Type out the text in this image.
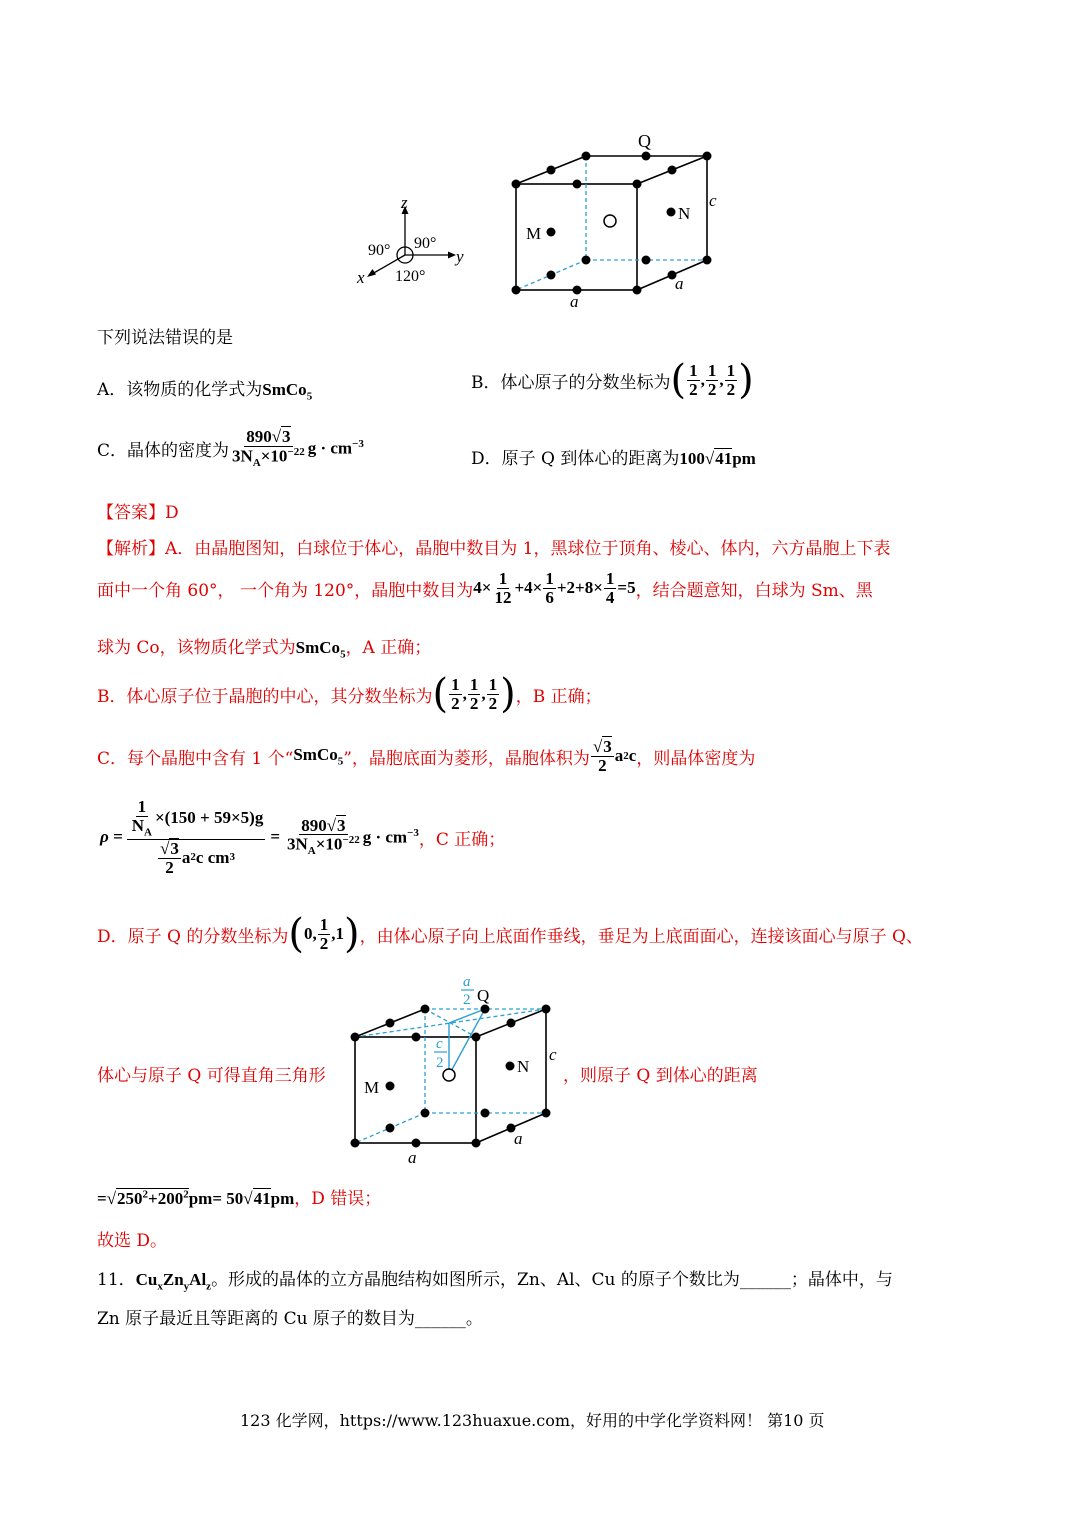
z
y
x
90° 90°
120°
Q
M
N
c
a
a
下列说法错误的是
A．该物质的化学式为SmCo$_5$
B．体心原子的分数坐标为 ( $\frac{1}{2}$ , $\frac{1}{2}$ , $\frac{1}{2}$ )
C．晶体的密度为 $\frac{890√3}{3N_A\times 10^{-22}}$ $g \cdot cm^{-3}$
D．原子 Q 到体心的距离为100√41pm
【答案】D
【解析】A．由晶胞图知，白球位于体心，晶胞中数目为 1，黑球位于顶角、棱心、体内，六方晶胞上下表
面中一个角 60°， 一个角为 120°，晶胞中数目为 $4\times \frac{1}{12} +4\times \frac{1}{6} +2+8\times \frac{1}{4} =5$ ，结合题意知，白球为 Sm、黑
球为 Co，该物质化学式为SmCo$_5$，A 正确；
B．体心原子位于晶胞的中心，其分数坐标为 ( $\frac{1}{2}$ , $\frac{1}{2}$ , $\frac{1}{2}$ ) ，B 正确；
C．每个晶胞中含有 1 个“ SmCo$_5$ ”，晶胞底面为菱形，晶胞体积为 $\frac{√3}{2}$ a 2 c ，则晶体密度为
$\rho = \frac{\frac{1}{N_A} \times(150 + 59\times 5)g}{\frac{√3}{2} a 2 c cm 3} = \frac{890√3}{3N_A\times 10^{-22}}$ $g \cdot cm^{-3}$ ，C 正确；
D．原子 Q 的分数坐标为 ( 0, $\frac{1}{2} ,1$ ) ，由体心原子向上底面作垂线，垂足为上底面面心，连接该面心与原子 Q、
体心与原子 Q 可得直角三角形
a
2 Q
c
2	N
M
c
a
a
，则原子 Q 到体心的距离
$=√250^2+200^2pm= 50√41pm$，D 错误；
故选 D。
11．$Cu_xZn_yAl_z$。形成的晶体的立方晶胞结构如图所示，Zn、Al、Cu 的原子个数比为______；晶体中，与
Zn 原子最近且等距离的 Cu 原子的数目为______。
123 化学网，https://www.123huaxue.com，好用的中学化学资料网！ 第10 页
